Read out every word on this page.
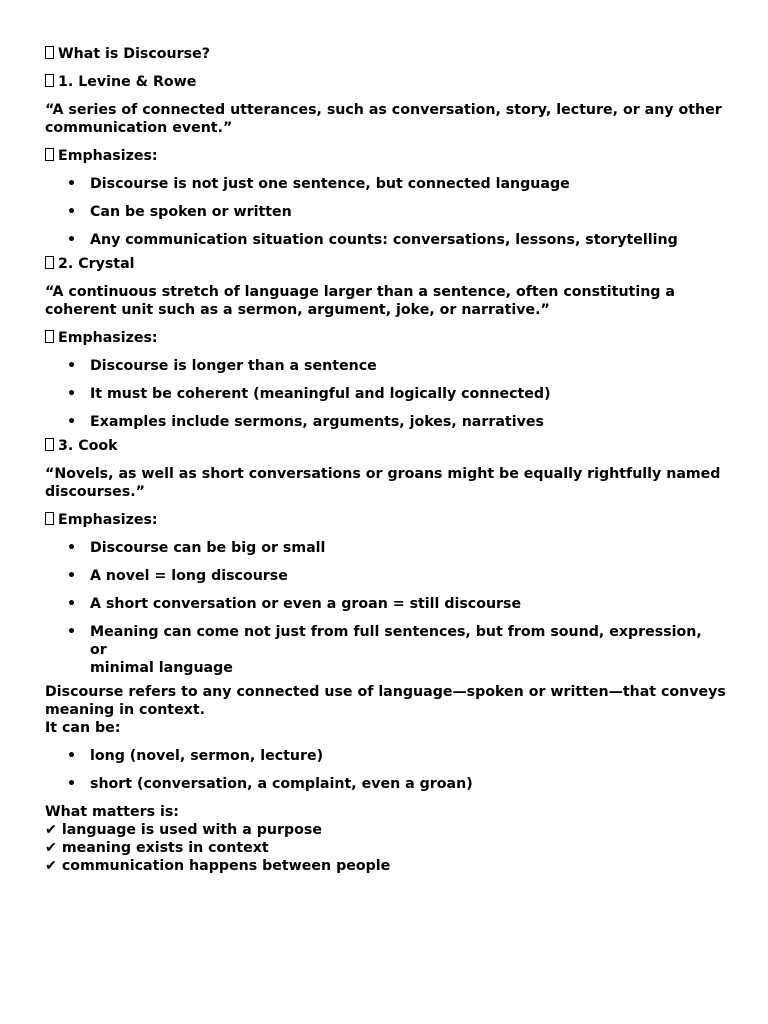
What is Discourse?
1. Levine & Rowe
“A series of connected utterances, such as conversation, story, lecture, or any other
communication event.”
Emphasizes:
• Discourse is not just one sentence, but connected language
• Can be spoken or written
• Any communication situation counts: conversations, lessons, storytelling
2. Crystal
“A continuous stretch of language larger than a sentence, often constituting a
coherent unit such as a sermon, argument, joke, or narrative.”
Emphasizes:
• Discourse is longer than a sentence
• It must be coherent (meaningful and logically connected)
• Examples include sermons, arguments, jokes, narratives
3. Cook
“Novels, as well as short conversations or groans might be equally rightfully named
discourses.”
Emphasizes:
• Discourse can be big or small
• A novel = long discourse
• A short conversation or even a groan = still discourse
• Meaning can come not just from full sentences, but from sound, expression, or
minimal language
Discourse refers to any connected use of language—spoken or written—that conveys
meaning in context.
It can be:
• long (novel, sermon, lecture)
• short (conversation, a complaint, even a groan)
What matters is:
✔ language is used with a purpose
✔ meaning exists in context
✔ communication happens between people
